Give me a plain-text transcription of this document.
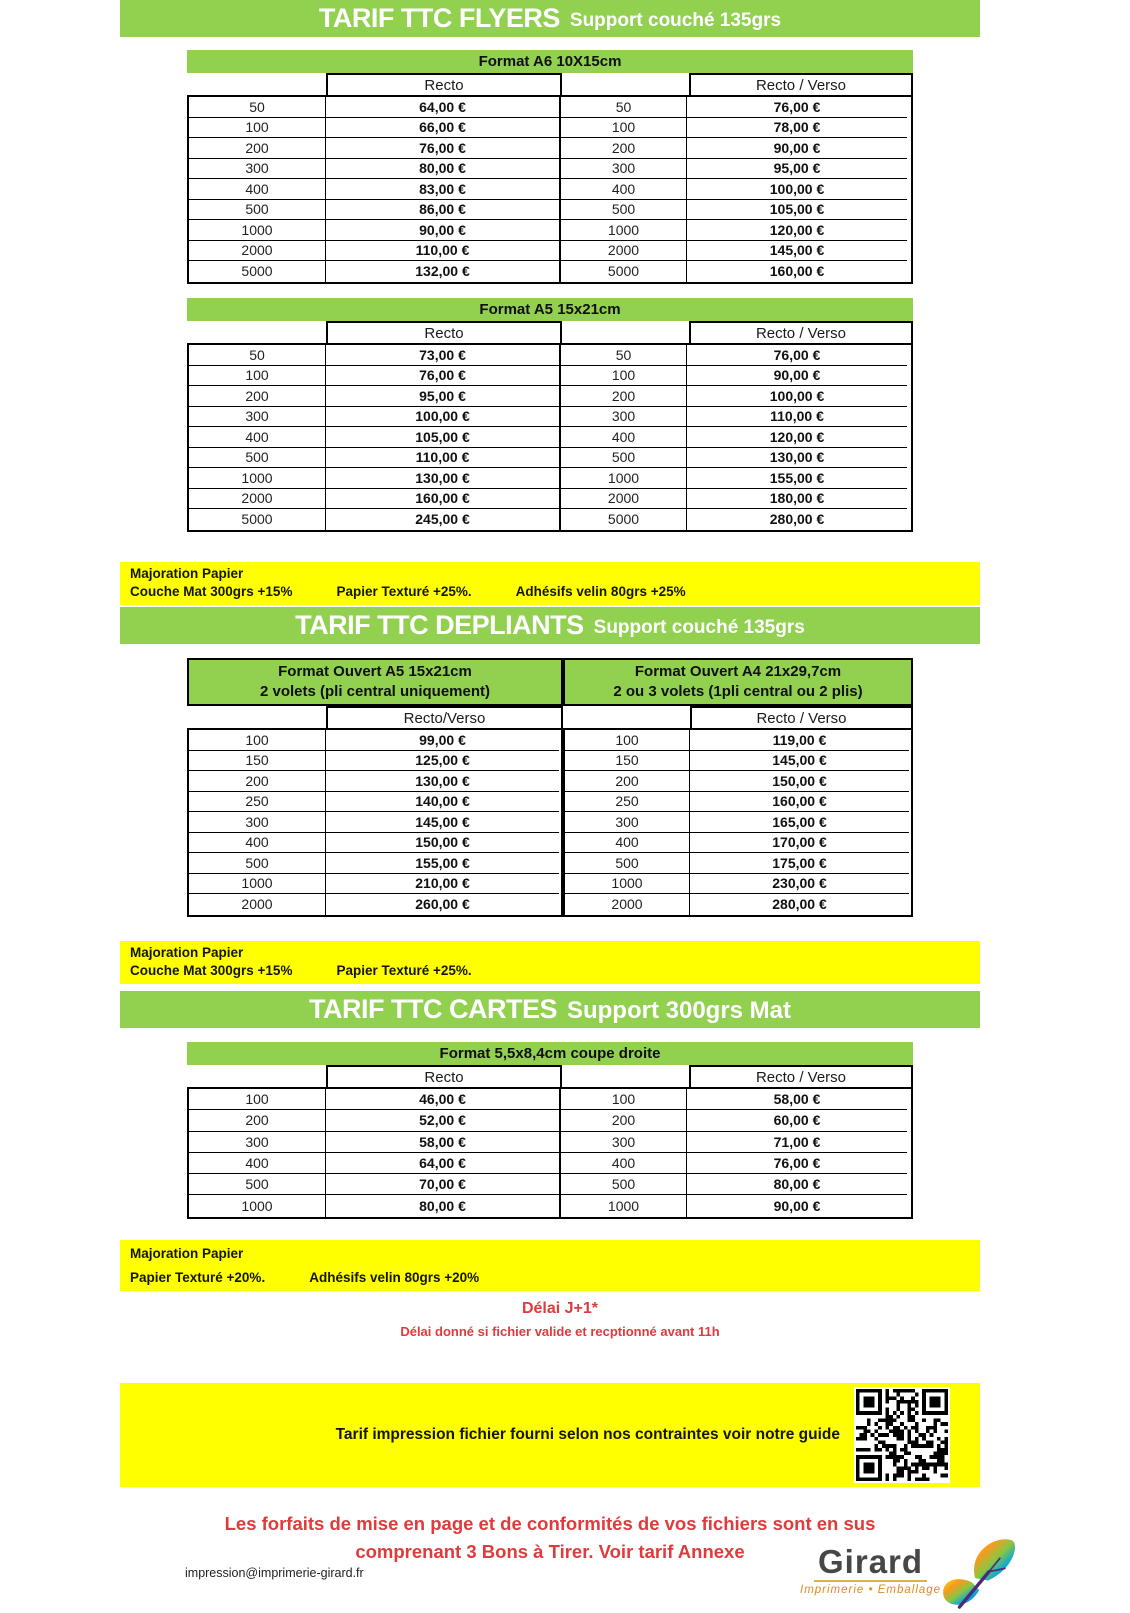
TARIF TTC FLYERS Support couché 135grs
Format A6 10X15cm
Recto	Recto / Verso
50	64,00 €	50	76,00 €
100	66,00 €	100	78,00 €
200	76,00 €	200	90,00 €
300	80,00 €	300	95,00 €
400	83,00 €	400	100,00 €
500	86,00 €	500	105,00 €
1000	90,00 €	1000	120,00 €
2000	110,00 €	2000	145,00 €
5000	132,00 €	5000	160,00 €
Format A5 15x21cm
Recto	Recto / Verso
50	73,00 €	50	76,00 €
100	76,00 €	100	90,00 €
200	95,00 €	200	100,00 €
300	100,00 €	300	110,00 €
400	105,00 €	400	120,00 €
500	110,00 €	500	130,00 €
1000	130,00 €	1000	155,00 €
2000	160,00 €	2000	180,00 €
5000	245,00 €	5000	280,00 €
Majoration Papier
Couche Mat 300grs +15%	Papier Texturé +25%.	Adhésifs velin 80grs +25%
TARIF TTC DEPLIANTS Support couché 135grs
Format Ouvert A5 15x21cm
2 volets (pli central uniquement)
Recto/Verso
100	99,00 €
150	125,00 €
200	130,00 €
250	140,00 €
300	145,00 €
400	150,00 €
500	155,00 €
1000	210,00 €
2000	260,00 €
Format Ouvert A4 21x29,7cm
2 ou 3 volets (1pli central ou 2 plis)
Recto / Verso
100	119,00 €
150	145,00 €
200	150,00 €
250	160,00 €
300	165,00 €
400	170,00 €
500	175,00 €
1000	230,00 €
2000	280,00 €
Majoration Papier
Couche Mat 300grs +15%	Papier Texturé +25%.
TARIF TTC CARTES Support 300grs Mat
Format 5,5x8,4cm coupe droite
Recto	Recto / Verso
100	46,00 €	100	58,00 €
200	52,00 €	200	60,00 €
300	58,00 €	300	71,00 €
400	64,00 €	400	76,00 €
500	70,00 €	500	80,00 €
1000	80,00 €	1000	90,00 €
Majoration Papier
Papier Texturé +20%.	Adhésifs velin 80grs +20%
Délai J+1*
Délai donné si fichier valide et recptionné avant 11h
Tarif impression fichier fourni selon nos contraintes voir notre guide
Les forfaits de mise en page et de conformités de vos fichiers sont en sus
comprenant 3 Bons à Tirer. Voir tarif Annexe
impression@imprimerie-girard.fr	Girard
Imprimerie • Emballage
